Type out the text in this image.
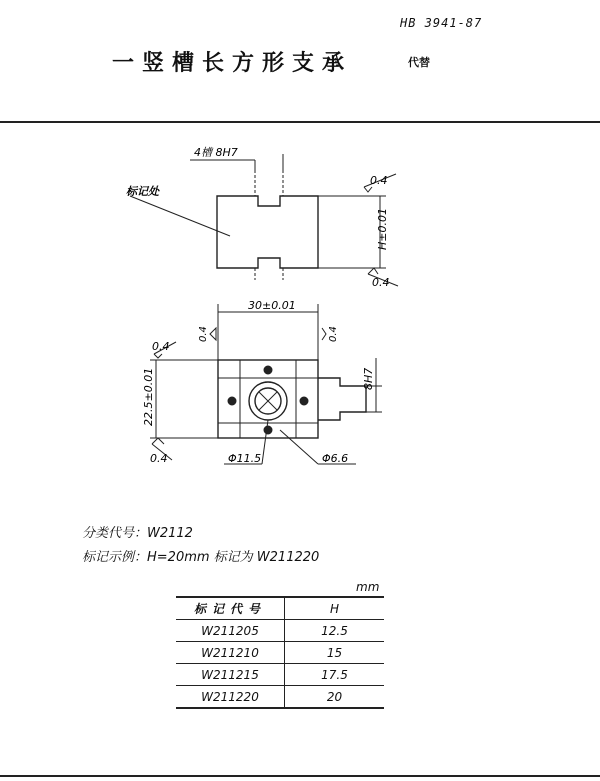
HB 3941-87
一竖槽长方形支承	代替
4槽 8H7
标记处
0.4
H±0.01
0.4
30±0.01
0.4	0.4
0.4
22.5±0.01	8H7
0.4	Φ11.5	Φ6.6
分类代号：W2112
标记示例：H=20mm 标记为 W211220
mm
标记代号	H
W211205	12.5
W211210	15
W211215	17.5
W211220	20
